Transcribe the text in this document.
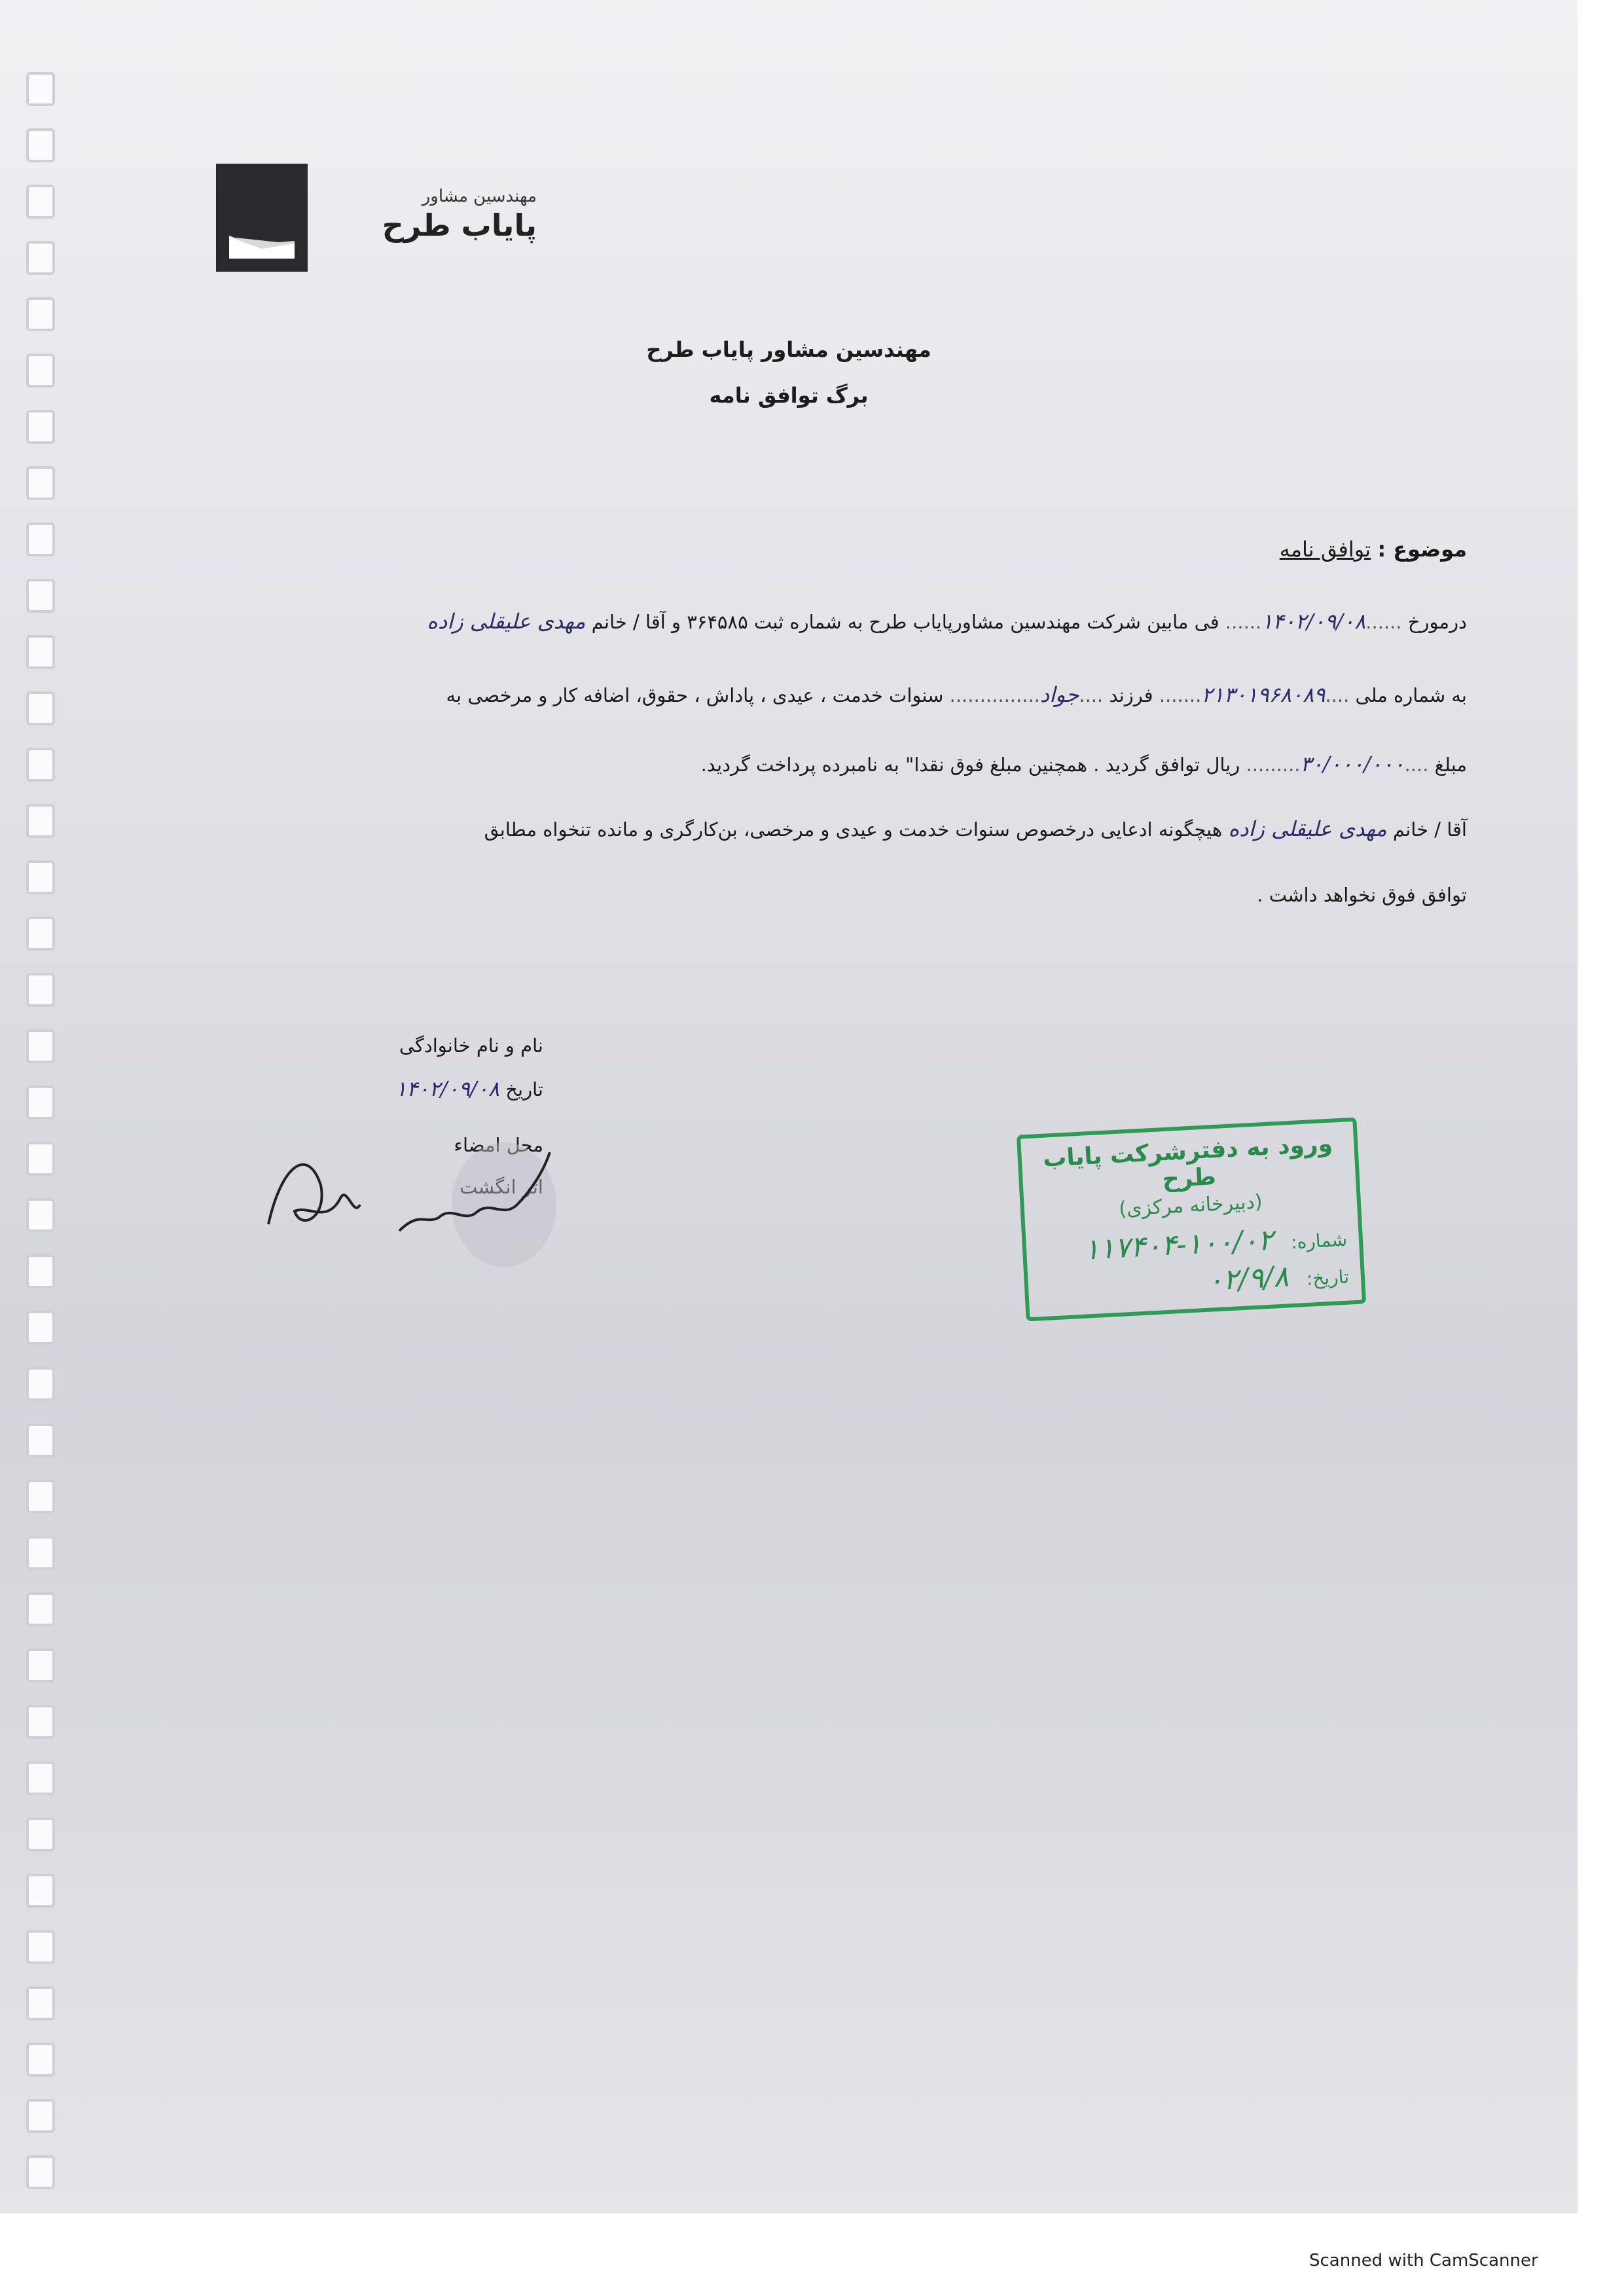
مهندسین مشاور
پایاب طرح
مهندسین مشاور پایاب طرح
برگ توافق نامه
موضوع : توافق نامه
درمورخ ......۱۴۰۲/۰۹/۰۸...... فی مابین شرکت مهندسین مشاورپایاب طرح به شماره ثبت ۳۶۴۵۸۵ و آقا / خانم مهدی علیقلی زاده
به شماره ملی ....۲۱۳۰۱۹۶۸۰۸۹....... فرزند ....جواد............... سنوات خدمت ، عیدی ، پاداش ، حقوق، اضافه کار و مرخصی به
مبلغ ....۳۰/۰۰۰/۰۰۰......... ریال توافق گردید . همچنین مبلغ فوق نقدا" به نامبرده پرداخت گردید.
آقا / خانم مهدی علیقلی زاده هیچگونه ادعایی درخصوص سنوات خدمت و عیدی و مرخصی، بن‌کارگری و مانده تنخواه مطابق
توافق فوق نخواهد داشت .
نام و نام خانوادگی
تاریخ ۱۴۰۲/۰۹/۰۸
محل امضاء
اثر انگشت
ورود به دفترشرکت پایاب طرح
(دبیرخانه مرکزی)
شماره: ۱۰۰/۰۲-۱۱۷۴۰۴
تاریخ: ۰۲/۹/۸
Scanned with CamScanner
